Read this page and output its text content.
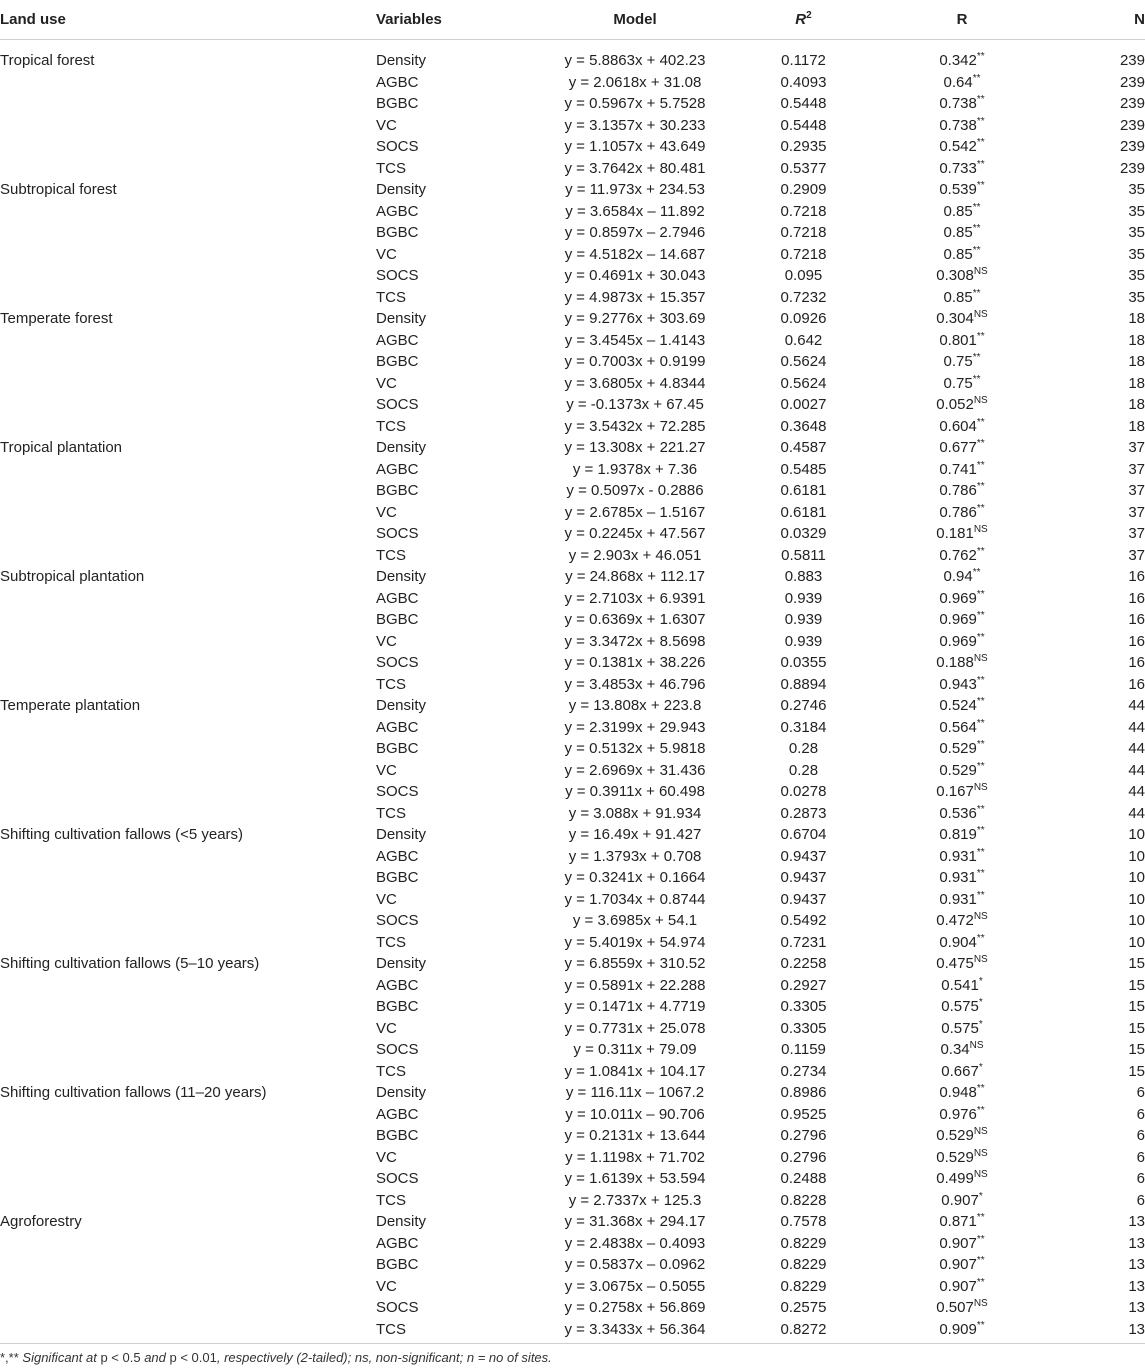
Land use	Variables	Model	$R^2$	R	N

Tropical forest	Density	y = 5.8863x + 402.23	0.1172	0.342**	239
	AGBC	y = 2.0618x + 31.08	0.4093	0.64**	239
	BGBC	y = 0.5967x + 5.7528	0.5448	0.738**	239
	VC	y = 3.1357x + 30.233	0.5448	0.738**	239
	SOCS	y = 1.1057x + 43.649	0.2935	0.542**	239
	TCS	y = 3.7642x + 80.481	0.5377	0.733**	239
Subtropical forest	Density	y = 11.973x + 234.53	0.2909	0.539**	35
	AGBC	y = 3.6584x – 11.892	0.7218	0.85**	35
	BGBC	y = 0.8597x – 2.7946	0.7218	0.85**	35
	VC	y = 4.5182x – 14.687	0.7218	0.85**	35
	SOCS	y = 0.4691x + 30.043	0.095	$0.308^{NS}$	35
	TCS	y = 4.9873x + 15.357	0.7232	0.85**	35
Temperate forest	Density	y = 9.2776x + 303.69	0.0926	$0.304^{NS}$	18
	AGBC	y = 3.4545x – 1.4143	0.642	0.801**	18
	BGBC	y = 0.7003x + 0.9199	0.5624	0.75**	18
	VC	y = 3.6805x + 4.8344	0.5624	0.75**	18
	SOCS	y = -0.1373x + 67.45	0.0027	$0.052^{NS}$	18
	TCS	y = 3.5432x + 72.285	0.3648	0.604**	18
Tropical plantation	Density	y = 13.308x + 221.27	0.4587	0.677**	37
	AGBC	y = 1.9378x + 7.36	0.5485	0.741**	37
	BGBC	y = 0.5097x - 0.2886	0.6181	0.786**	37
	VC	y = 2.6785x – 1.5167	0.6181	0.786**	37
	SOCS	y = 0.2245x + 47.567	0.0329	$0.181^{NS}$	37
	TCS	y = 2.903x + 46.051	0.5811	0.762**	37
Subtropical plantation	Density	y = 24.868x + 112.17	0.883	0.94**	16
	AGBC	y = 2.7103x + 6.9391	0.939	0.969**	16
	BGBC	y = 0.6369x + 1.6307	0.939	0.969**	16
	VC	y = 3.3472x + 8.5698	0.939	0.969**	16
	SOCS	y = 0.1381x + 38.226	0.0355	$0.188^{NS}$	16
	TCS	y = 3.4853x + 46.796	0.8894	0.943**	16
Temperate plantation	Density	y = 13.808x + 223.8	0.2746	0.524**	44
	AGBC	y = 2.3199x + 29.943	0.3184	0.564**	44
	BGBC	y = 0.5132x + 5.9818	0.28	0.529**	44
	VC	y = 2.6969x + 31.436	0.28	0.529**	44
	SOCS	y = 0.3911x + 60.498	0.0278	$0.167^{NS}$	44
	TCS	y = 3.088x + 91.934	0.2873	0.536**	44
Shifting cultivation fallows (<5 years)	Density	y = 16.49x + 91.427	0.6704	0.819**	10
	AGBC	y = 1.3793x + 0.708	0.9437	0.931**	10
	BGBC	y = 0.3241x + 0.1664	0.9437	0.931**	10
	VC	y = 1.7034x + 0.8744	0.9437	0.931**	10
	SOCS	y = 3.6985x + 54.1	0.5492	$0.472^{NS}$	10
	TCS	y = 5.4019x + 54.974	0.7231	0.904**	10
Shifting cultivation fallows (5–10 years)	Density	y = 6.8559x + 310.52	0.2258	$0.475^{NS}$	15
	AGBC	y = 0.5891x + 22.288	0.2927	0.541*	15
	BGBC	y = 0.1471x + 4.7719	0.3305	0.575*	15
	VC	y = 0.7731x + 25.078	0.3305	0.575*	15
	SOCS	y = 0.311x + 79.09	0.1159	$0.34^{NS}$	15
	TCS	y = 1.0841x + 104.17	0.2734	0.667*	15
Shifting cultivation fallows (11–20 years)	Density	y = 116.11x – 1067.2	0.8986	0.948**	6
	AGBC	y = 10.011x – 90.706	0.9525	0.976**	6
	BGBC	y = 0.2131x + 13.644	0.2796	$0.529^{NS}$	6
	VC	y = 1.1198x + 71.702	0.2796	$0.529^{NS}$	6
	SOCS	y = 1.6139x + 53.594	0.2488	$0.499^{NS}$	6
	TCS	y = 2.7337x + 125.3	0.8228	0.907*	6
Agroforestry	Density	y = 31.368x + 294.17	0.7578	0.871**	13
	AGBC	y = 2.4838x – 0.4093	0.8229	0.907**	13
	BGBC	y = 0.5837x – 0.0962	0.8229	0.907**	13
	VC	y = 3.0675x – 0.5055	0.8229	0.907**	13
	SOCS	y = 0.2758x + 56.869	0.2575	$0.507^{NS}$	13
	TCS	y = 3.3433x + 56.364	0.8272	0.909**	13
*,** Significant at p < 0.5 and p < 0.01, respectively (2-tailed); ns, non-significant; n = no of sites.
